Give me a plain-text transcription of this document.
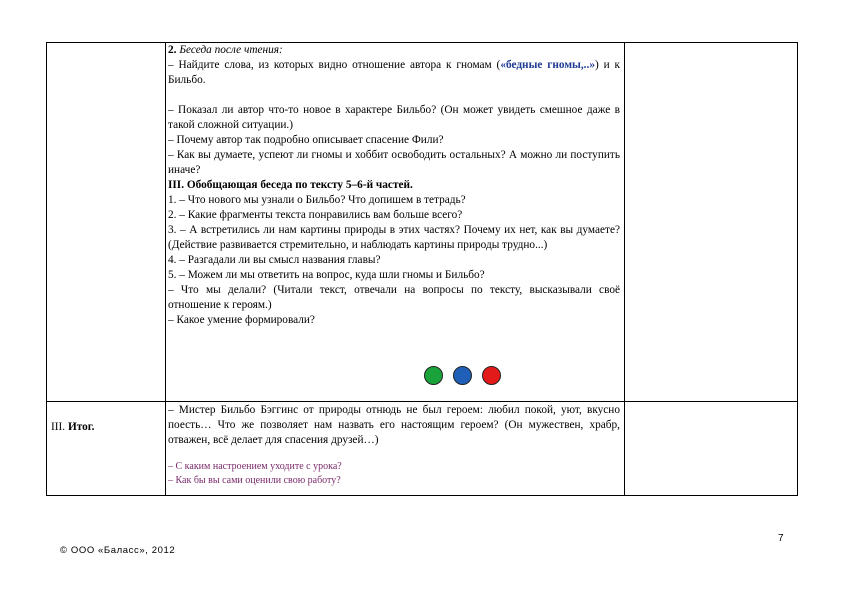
2. Беседа после чтения:

– Найдите слова, из которых видно отношение автора к гномам («бедные гномы,..») и к Бильбо.

– Показал ли автор что-то новое в характере Бильбо? (Он может увидеть смешное даже в такой сложной ситуации.)

– Почему автор так подробно описывает спасение Фили?

– Как вы думаете, успеют ли гномы и хоббит освободить остальных? А можно ли поступить иначе?

III. Обобщающая беседа по тексту 5–6-й частей.

1. – Что нового мы узнали о Бильбо? Что допишем в тетрадь?

2. – Какие фрагменты текста понравились вам больше всего?

3. – А встретились ли нам картины природы в этих частях? Почему их нет, как вы думаете? (Действие развивается стремительно, и наблюдать картины природы трудно...)

4. – Разгадали ли вы смысл названия главы?

5. – Можем ли мы ответить на вопрос, куда шли гномы и Бильбо?

– Что мы делали? (Читали текст, отвечали на вопросы по тексту, высказывали своё отношение к героям.)

– Какое умение формировали?

III. Итог.

– Мистер Бильбо Бэггинс от природы отнюдь не был героем: любил покой, уют, вкусно поесть… Что же позволяет нам назвать его настоящим героем? (Он мужествен, храбр, отважен, всё делает для спасения друзей…)

– С каким настроением уходите с урока?

– Как бы вы сами оценили свою работу?

7
© ООО «Баласс», 2012
